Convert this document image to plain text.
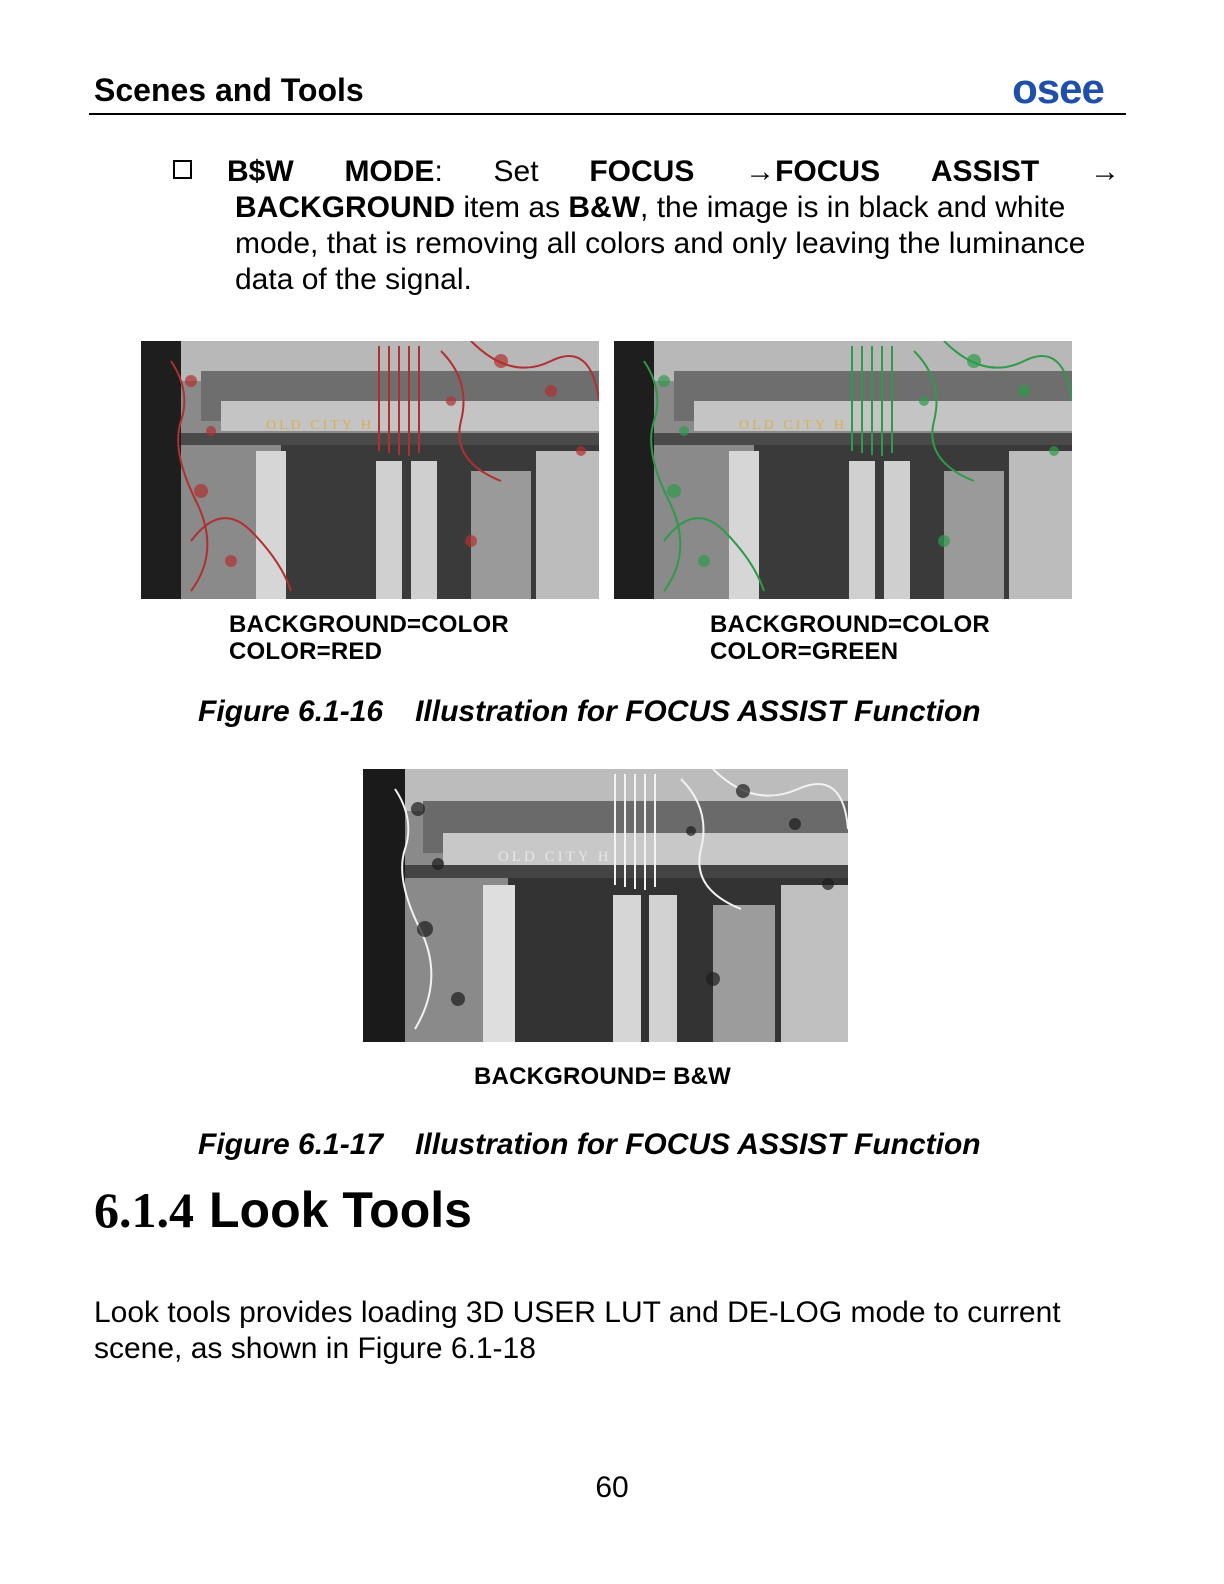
Scenes and Tools	osee
B$W MODE: Set FOCUS →FOCUS ASSIST →
BACKGROUND item as B&W, the image is in black and white
mode, that is removing all colors and only leaving the luminance
data of the signal.
OLD CITY H	OLD CITY H
BACKGROUND=COLOR
COLOR=RED
BACKGROUND=COLOR
COLOR=GREEN
Figure 6.1-16 Illustration for FOCUS ASSIST Function
OLD CITY H
BACKGROUND= B&W
Figure 6.1-17 Illustration for FOCUS ASSIST Function
6.1.4 Look Tools
Look tools provides loading 3D USER LUT and DE-LOG mode to current scene, as shown in Figure 6.1-18
60
